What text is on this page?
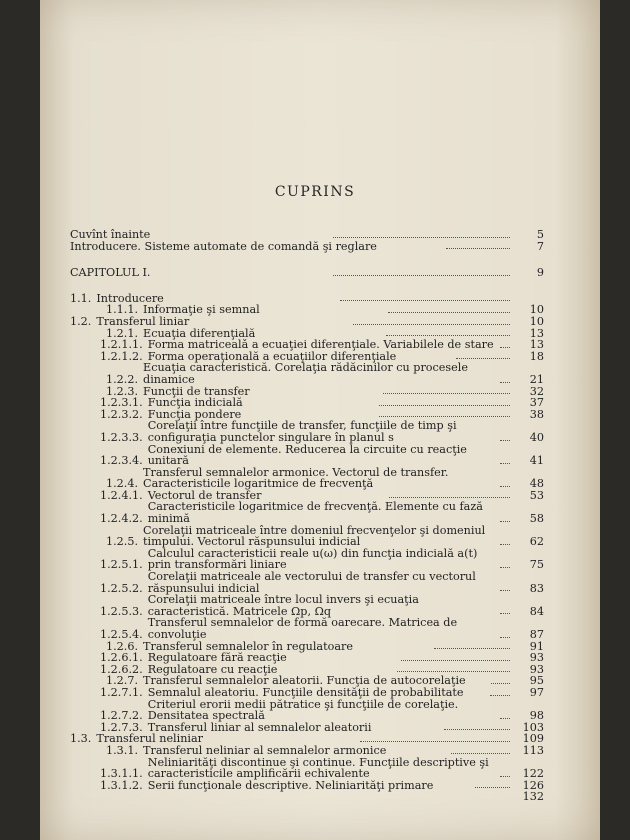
CUPRINS
Cuvînt înainte	5
Introducere. Sisteme automate de comandă şi reglare	7
CAPITOLUL I.	9
1.1. Introducere
1.1.1. Informaţie şi semnal	10
1.2. Transferul liniar	10
1.2.1. Ecuaţia diferenţială	13
1.2.1.1. Forma matricealǎ a ecuaţiei diferenţiale. Variabilele de stare	13
1.2.1.2. Forma operaţională a ecuaţiilor diferenţiale	18
1.2.2.
Ecuaţia caracteristică. Corelaţia rădăcinilor cu procesele dinamice	21
1.2.3. Funcţii de transfer	32
1.2.3.1. Funcţia indicială	37
1.2.3.2. Funcţia pondere	38
1.2.3.3.
Corelaţii între funcţiile de transfer, funcţiile de timp şi configuraţia punctelor singulare în planul s	40
1.2.3.4.
Conexiuni de elemente. Reducerea la circuite cu reacţie unitară	41
1.2.4.
Transferul semnalelor armonice. Vectorul de transfer. Caracteristicile logaritmice de frecvenţă	48
1.2.4.1. Vectorul de transfer	53
1.2.4.2.
Caracteristicile logaritmice de frecvenţă. Elemente cu fază minimă	58
1.2.5.
Corelaţii matriceale între domeniul frecvenţelor şi domeniul timpului. Vectorul răspunsului indicial	62
1.2.5.1.
Calculul caracteristicii reale u(ω) din funcţia indicială a(t) prin transformări liniare	75
1.2.5.2.
Corelaţii matriceale ale vectorului de transfer cu vectorul răspunsului indicial	83
1.2.5.3.
Corelaţii matriceale între locul invers şi ecuaţia caracteristică. Matricele Ωp, Ωq	84
1.2.5.4.
Transferul semnalelor de formă oarecare. Matricea de convoluţie	87
1.2.6. Transferul semnalelor în regulatoare	91
1.2.6.1. Regulatoare fără reacţie	93
1.2.6.2. Regulatoare cu reacţie	93
1.2.7. Transferul semnalelor aleatorii. Funcţia de autocorelaţie	95
1.2.7.1. Semnalul aleatoriu. Funcţiile densităţii de probabilitate	97
1.2.7.2.
Criteriul erorii medii pătratice şi funcţiile de corelaţie. Densitatea spectrală	98
1.2.7.3. Transferul liniar al semnalelor aleatorii	103
1.3. Transferul neliniar	109
1.3.1. Transferul neliniar al semnalelor armonice	113
1.3.1.1.
Neliniarităţi discontinue şi continue. Funcţiile descriptive şi caracteristicile amplificării echivalente	122
1.3.1.2. Serii funcţionale descriptive. Neliniarităţi primare	126
132
